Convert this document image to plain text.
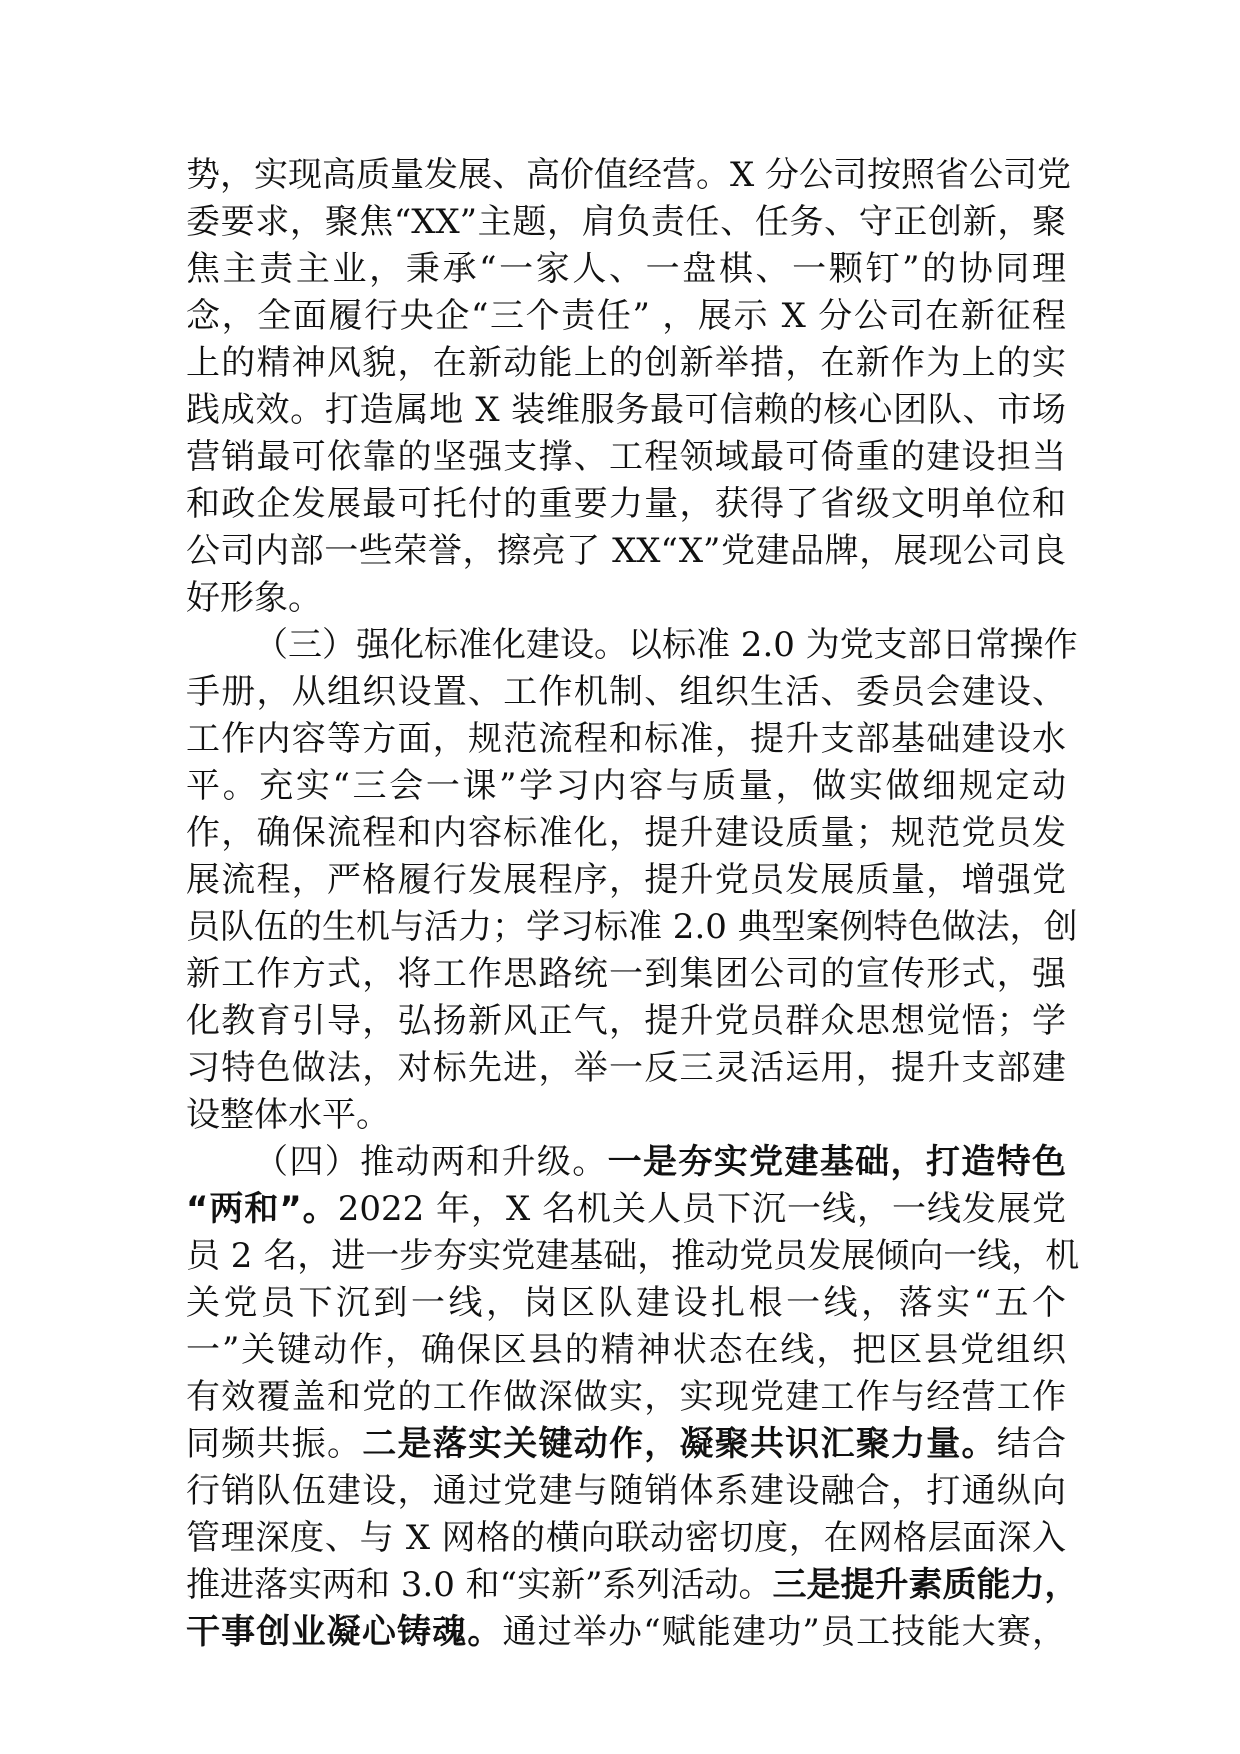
势，实现高质量发展、高价值经营。X 分公司按照省公司党
委要求，聚焦“XX”主题，肩负责任、任务、守正创新，聚
焦主责主业，秉承“一家人、一盘棋、一颗钉”的协同理
念，全面履行央企“三个责任” ，展示 X 分公司在新征程
上的精神风貌，在新动能上的创新举措，在新作为上的实
践成效。打造属地 X 装维服务最可信赖的核心团队、市场
营销最可依靠的坚强支撑、工程领域最可倚重的建设担当
和政企发展最可托付的重要力量，获得了省级文明单位和
公司内部一些荣誉，擦亮了 XX“X”党建品牌，展现公司良
好形象。
（三）强化标准化建设。以标准 2.0 为党支部日常操作
手册，从组织设置、工作机制、组织生活、委员会建设、
工作内容等方面，规范流程和标准，提升支部基础建设水
平。充实“三会一课”学习内容与质量，做实做细规定动
作，确保流程和内容标准化，提升建设质量；规范党员发
展流程，严格履行发展程序，提升党员发展质量，增强党
员队伍的生机与活力；学习标准 2.0 典型案例特色做法，创
新工作方式，将工作思路统一到集团公司的宣传形式，强
化教育引导，弘扬新风正气，提升党员群众思想觉悟；学
习特色做法，对标先进，举一反三灵活运用，提升支部建
设整体水平。
（四）推动两和升级。一是夯实党建基础，打造特色
“两和”。2022 年，X 名机关人员下沉一线，一线发展党
员 2 名，进一步夯实党建基础，推动党员发展倾向一线，机
关党员下沉到一线，岗区队建设扎根一线，落实“五个
一”关键动作，确保区县的精神状态在线，把区县党组织
有效覆盖和党的工作做深做实，实现党建工作与经营工作
同频共振。二是落实关键动作，凝聚共识汇聚力量。结合
行销队伍建设，通过党建与随销体系建设融合，打通纵向
管理深度、与 X 网格的横向联动密切度，在网格层面深入
推进落实两和 3.0 和“实新”系列活动。三是提升素质能力，
干事创业凝心铸魂。通过举办“赋能建功”员工技能大赛，
